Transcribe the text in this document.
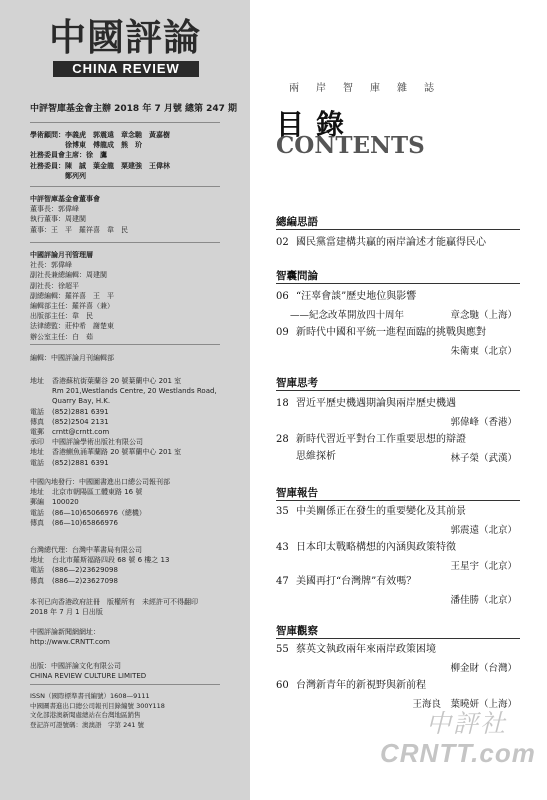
中國評論
CHINA REVIEW
中評智庫基金會主辦 2018 年 7 月號 總第 247 期
學術顧問：李義虎　郭震遠　章念馳　黃嘉樹
　　　　　徐博東　傅龍成　熊　玠
社務委員會主席：徐　鷹
社務委員：陳　誠　葉金龍　粟建強　王偉林
　　　　　鄭列列
中評智庫基金會董事會
董事長：郭偉峰
執行董事：周建閩
董事：王　平　羅祥喜　韋　民
中國評論月刊管理層
社長：郭偉峰
副社長兼總編輯：周建閩
副社長：徐超平
副總編輯：羅祥喜　王　平
編輯部主任：羅祥喜（兼）
出版部主任：韋　民
法律總監：莊仲希　謝楚東
辦公室主任：白　茹
編輯：中國評論月刊編輯部
地址	香港蘇杭街葉蘭谷 20 號葉蘭中心 201 室
Rm 201,Westlands Centre, 20 Westlands Road,
Quarry Bay, H.K.
電話	(852)2881 6391
傳真	(852)2504 2131
電郵	crntt@crntt.com
承印	中國評論學術出版社有限公司
地址	香港鰂魚涌華蘭路 20 號華蘭中心 201 室
電話	(852)2881 6391
中國內地發行 ： 中國圖書進出口總公司報刊部
地址	北京市朝陽區工體東路 16 號
郵編	100020
電話	(86—10)65066976（總機）
傳真	(86—10)65866976
台灣總代理 ： 台灣中華書局有限公司
地址	台北市羅斯福路四段 68 號 6 樓之 13
電話	(886—2)23629098
傳真	(886—2)23627098
本刊已向香港政府註冊　版權所有　未經許可不得翻印
2018 年 7 月 1 日出版
中國評論新聞網網址：
http://www.CRNTT.com
出版：中國評論文化有限公司
CHINA REVIEW CULTURE LIMITED
ISSN（國際標準書刊編號）1608—9111
中國圖書進出口總公司報刊目錄編號 300Y118
文化部港澳新聞處總站在台灣地區銷售
登記許可證號碼：澳澳語　字第 241 號
兩岸智庫雜誌
目錄
CONTENTS
總編思語
02 國民黨當建構共贏的兩岸論述才能贏得民心
智囊問論
06 “汪辜會談”歷史地位與影響
——紀念改革開放四十周年	章念馳（上海）
09 新時代中國和平統一進程面臨的挑戰與應對
朱衛東（北京）
智庫思考
18 習近平歷史機遇期論與兩岸歷史機遇
郭偉峰（香港）
28 新時代習近平對台工作重要思想的辯證
思維探析	林子榮（武漢）
智庫報告
35 中美關係正在發生的重要變化及其前景
郭震遠（北京）
43 日本印太戰略構想的內涵與政策特徵
王星宇（北京）
47 美國再打“台灣牌”有效嗎？
潘佳勝（北京）
智庫觀察
55 蔡英文執政兩年來兩岸政策困境
柳金財（台灣）
60 台灣新青年的新視野與新前程
王海良　葉曉妍（上海）
中評社
CRNTT.com
